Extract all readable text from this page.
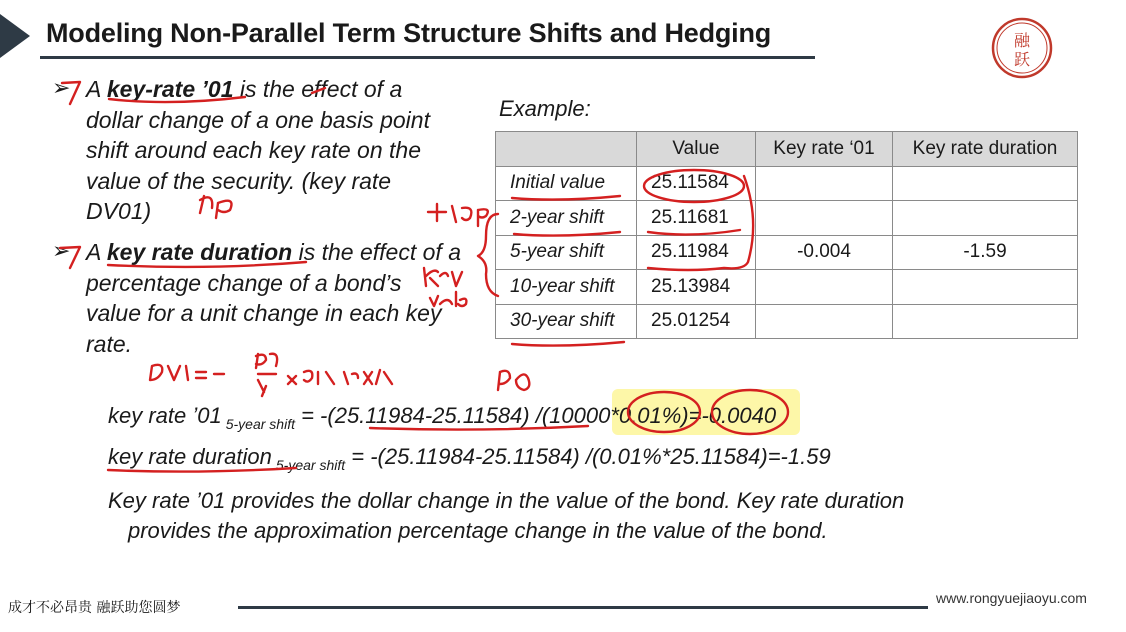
Modeling Non-Parallel Term Structure Shifts and Hedging	融
跃
➢ A key-rate ’01 is the effect of a dollar change of a one basis point shift around each key rate on the value of the security. (key rate DV01)
➢ A key rate duration is the effect of a percentage change of a bond’s value for a unit change in each key rate.
Example:
	Value	Key rate ‘01	Key rate duration
Initial value	25.11584		
2-year shift	25.11681		
5-year shift	25.11984	-0.004	-1.59
10-year shift	25.13984		
30-year shift	25.01254		
key rate ’01 $_{5-year shift}$ = -(25.11984-25.11584) /(10000*0.01%)=-0.0040
key rate duration $_{5-year shift}$ = -(25.11984-25.11584) /(0.01%*25.11584)=-1.59
Key rate ’01 provides the dollar change in the value of the bond. Key rate duration
provides the approximation percentage change in the value of the bond.
成才不必昂贵 融跃助您圆梦
www.rongyuejiaoyu.com
